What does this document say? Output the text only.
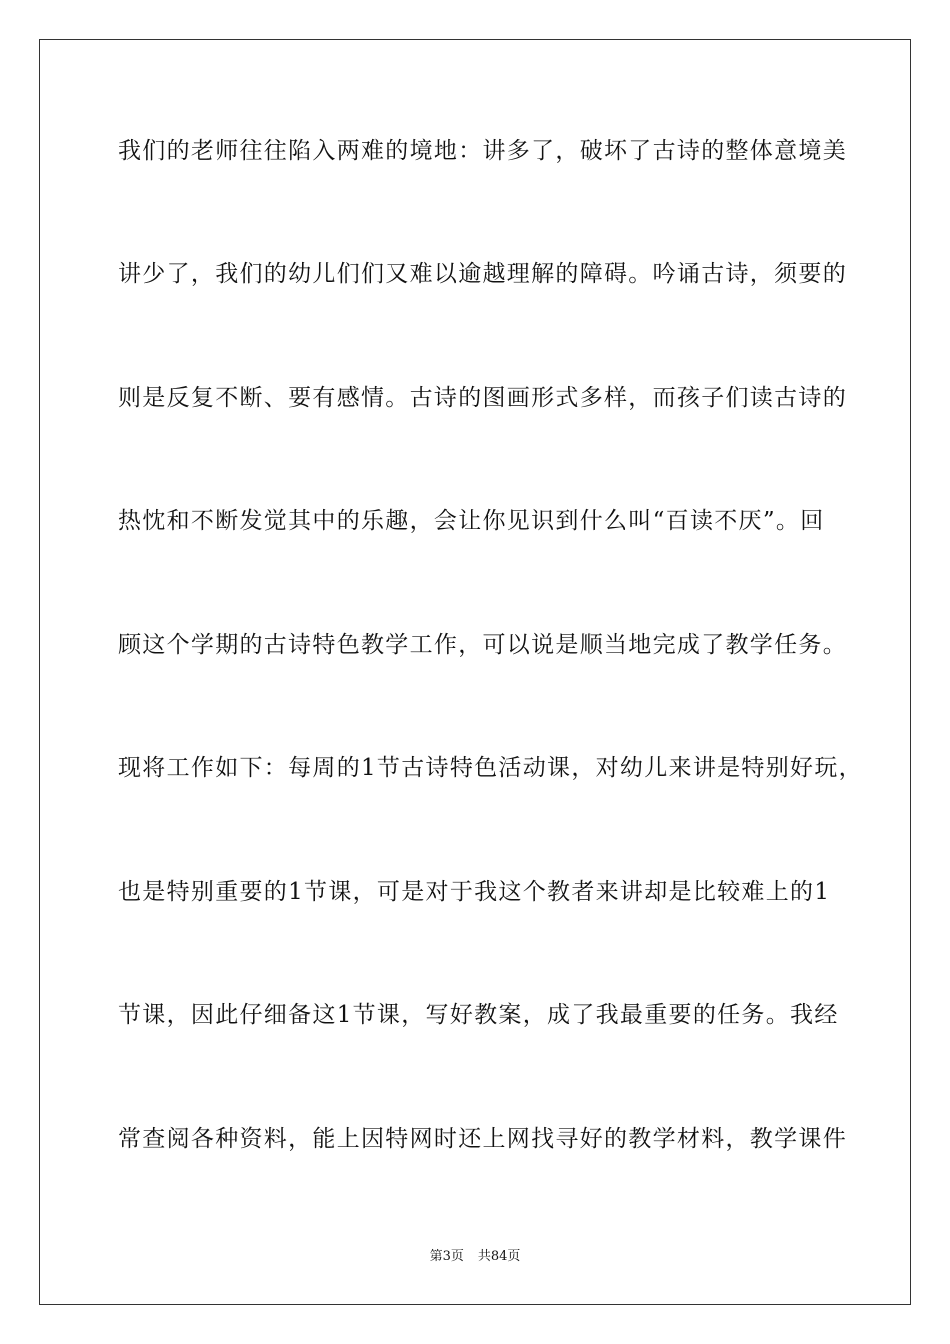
我们的老师往往陷入两难的境地：讲多了，破坏了古诗的整体意境美
讲少了，我们的幼儿们们又难以逾越理解的障碍。吟诵古诗，须要的
则是反复不断、要有感情。古诗的图画形式多样，而孩子们读古诗的
热忱和不断发觉其中的乐趣，会让你见识到什么叫“百读不厌”。回
顾这个学期的古诗特色教学工作，可以说是顺当地完成了教学任务。
现将工作如下：每周的1节古诗特色活动课，对幼儿来讲是特别好玩，
也是特别重要的1节课，可是对于我这个教者来讲却是比较难上的1
节课，因此仔细备这1节课，写好教案，成了我最重要的任务。我经
常查阅各种资料，能上因特网时还上网找寻好的教学材料，教学课件
第3页 共84页
